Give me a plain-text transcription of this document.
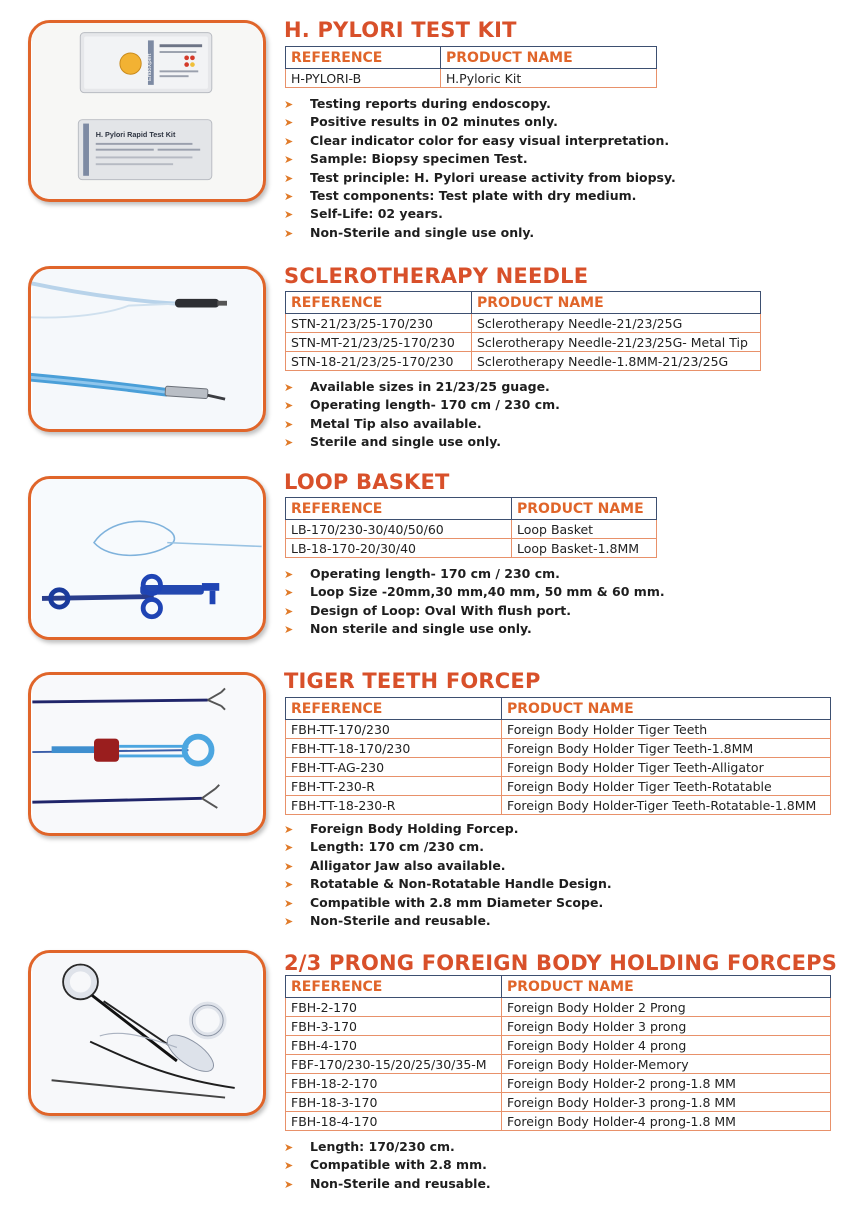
EndoXpert
H. Pylori Rapid Test Kit
H. PYLORI TEST KIT
REFERENCE	PRODUCT NAME
H-PYLORI-B	H.Pyloric Kit
➤ Testing reports during endoscopy.
➤ Positive results in 02 minutes only.
➤ Clear indicator color for easy visual interpretation.
➤ Sample: Biopsy specimen Test.
➤ Test principle: H. Pylori urease activity from biopsy.
➤ Test components: Test plate with dry medium.
➤ Self-Life: 02 years.
➤ Non-Sterile and single use only.
SCLEROTHERAPY NEEDLE
REFERENCE	PRODUCT NAME
STN-21/23/25-170/230	Sclerotherapy Needle-21/23/25G
STN-MT-21/23/25-170/230	Sclerotherapy Needle-21/23/25G- Metal Tip
STN-18-21/23/25-170/230	Sclerotherapy Needle-1.8MM-21/23/25G
➤ Available sizes in 21/23/25 guage.
➤ Operating length- 170 cm / 230 cm.
➤ Metal Tip also available.
➤ Sterile and single use only.
LOOP BASKET
REFERENCE	PRODUCT NAME
LB-170/230-30/40/50/60	Loop Basket
LB-18-170-20/30/40	Loop Basket-1.8MM
➤ Operating length- 170 cm / 230 cm.
➤ Loop Size -20mm,30 mm,40 mm, 50 mm & 60 mm.
➤ Design of Loop: Oval With flush port.
➤ Non sterile and single use only.
TIGER TEETH FORCEP
REFERENCE	PRODUCT NAME
FBH-TT-170/230	Foreign Body Holder Tiger Teeth
FBH-TT-18-170/230	Foreign Body Holder Tiger Teeth-1.8MM
FBH-TT-AG-230	Foreign Body Holder Tiger Teeth-Alligator
FBH-TT-230-R	Foreign Body Holder Tiger Teeth-Rotatable
FBH-TT-18-230-R	Foreign Body Holder-Tiger Teeth-Rotatable-1.8MM
➤ Foreign Body Holding Forcep.
➤ Length: 170 cm /230 cm.
➤ Alligator Jaw also available.
➤ Rotatable & Non-Rotatable Handle Design.
➤ Compatible with 2.8 mm Diameter Scope.
➤ Non-Sterile and reusable.
2/3 PRONG FOREIGN BODY HOLDING FORCEPS
REFERENCE	PRODUCT NAME
FBH-2-170	Foreign Body Holder 2 Prong
FBH-3-170	Foreign Body Holder 3 prong
FBH-4-170	Foreign Body Holder 4 prong
FBF-170/230-15/20/25/30/35-M	Foreign Body Holder-Memory
FBH-18-2-170	Foreign Body Holder-2 prong-1.8 MM
FBH-18-3-170	Foreign Body Holder-3 prong-1.8 MM
FBH-18-4-170	Foreign Body Holder-4 prong-1.8 MM
➤ Length: 170/230 cm.
➤ Compatible with 2.8 mm.
➤ Non-Sterile and reusable.
